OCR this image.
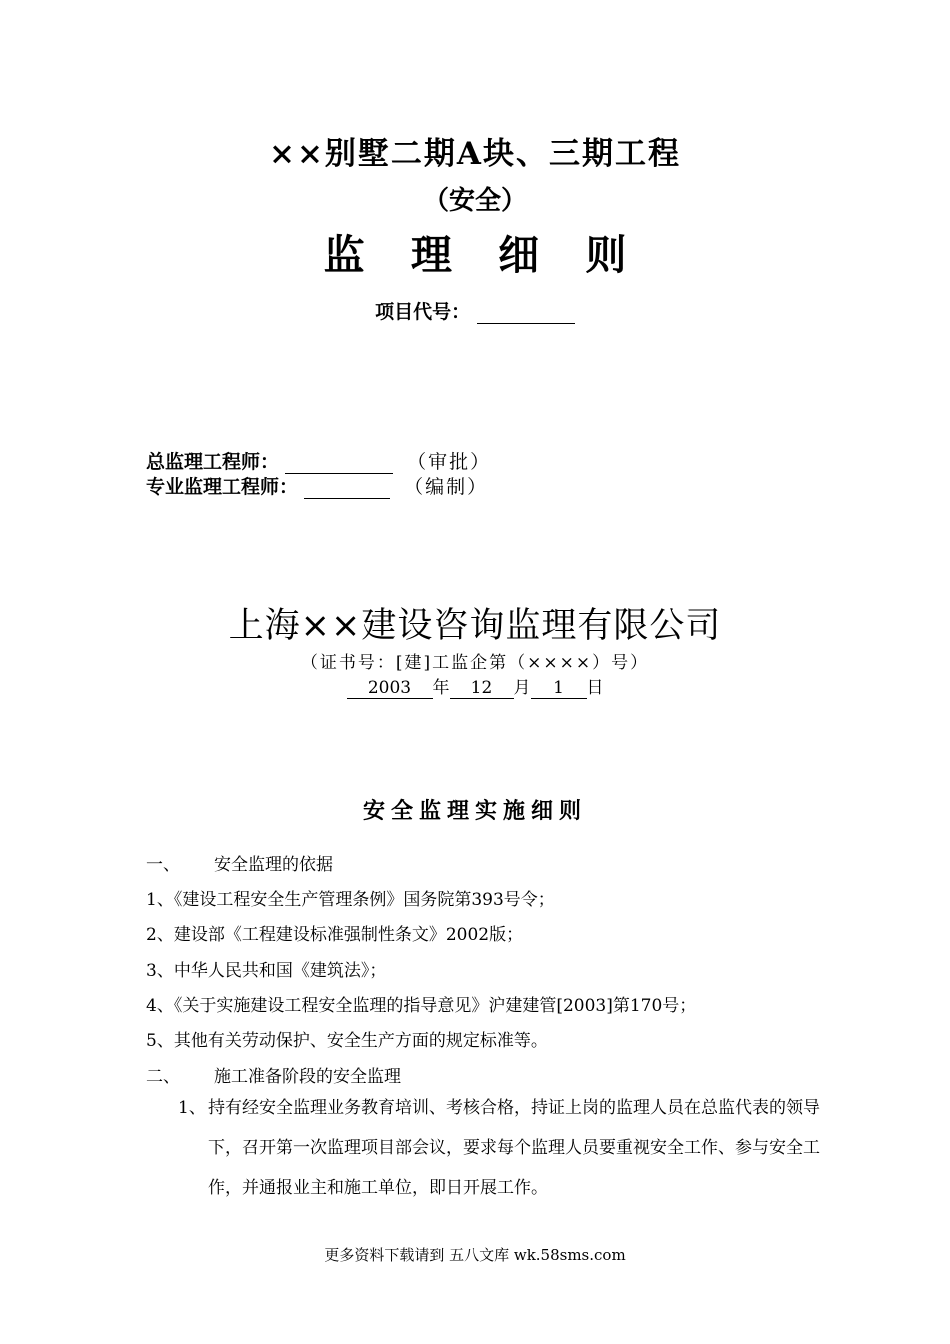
××别墅二期A块、三期工程
（安全）
监 理 细 则
项目代号：
总监理工程师：	（审批）
专业监理工程师：	（编制）
上海××建设咨询监理有限公司
（证书号：[建]工监企第（××××）号）
2003 年 12 月 1 日
安全监理实施细则
一、 安全监理的依据
1、《建设工程安全生产管理条例》国务院第393号令；
2、建设部《工程建设标准强制性条文》2002版；
3、中华人民共和国《建筑法》；
4、《关于实施建设工程安全监理的指导意见》沪建建管[2003]第170号；
5、其他有关劳动保护、安全生产方面的规定标准等。
二、 施工准备阶段的安全监理
1、 持有经安全监理业务教育培训、考核合格，持证上岗的监理人员在总监代表的领导下，召开第一次监理项目部会议，要求每个监理人员要重视安全工作、参与安全工作，并通报业主和施工单位，即日开展工作。
更多资料下载请到 五八文库 wk.58sms.com
